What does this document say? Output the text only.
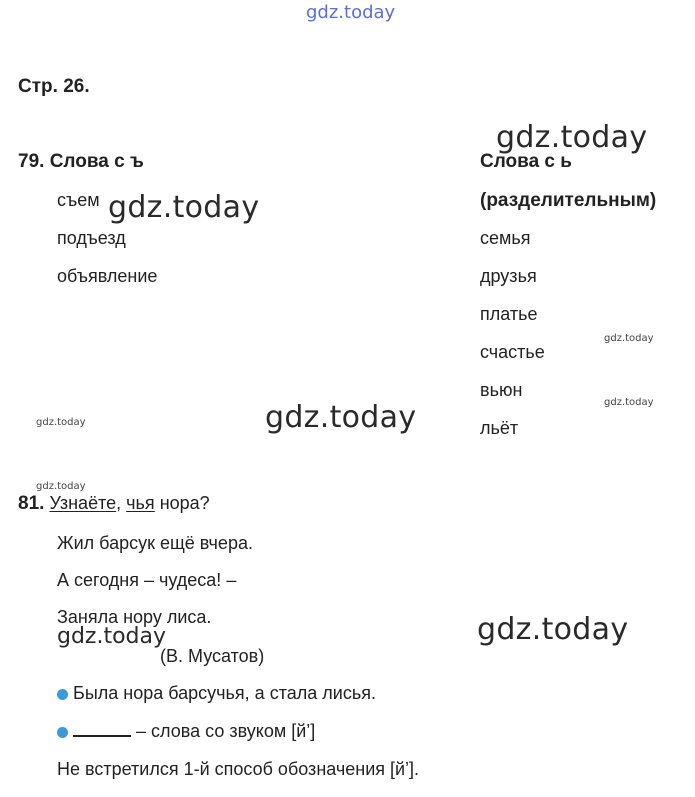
gdz.today
gdz.today
gdz.today
gdz.today
gdz.today
gdz.today
gdz.today
gdz.today
gdz.today
gdz.today
Стр. 26.
79. Слова с ъ
съем
подъезд
объявление
Слова с ь
(разделительным)
семья
друзья
платье
счастье
вьюн
льёт
81. Узнаёте, чья нора?
Жил барсук ещё вчера.
А сегодня – чудеса! –
Заняла нору лиса.
(В. Мусатов)
Была нора барсучья, а стала лисья.
– слова со звуком [й’]
Не встретился 1-й способ обозначения [й’].
